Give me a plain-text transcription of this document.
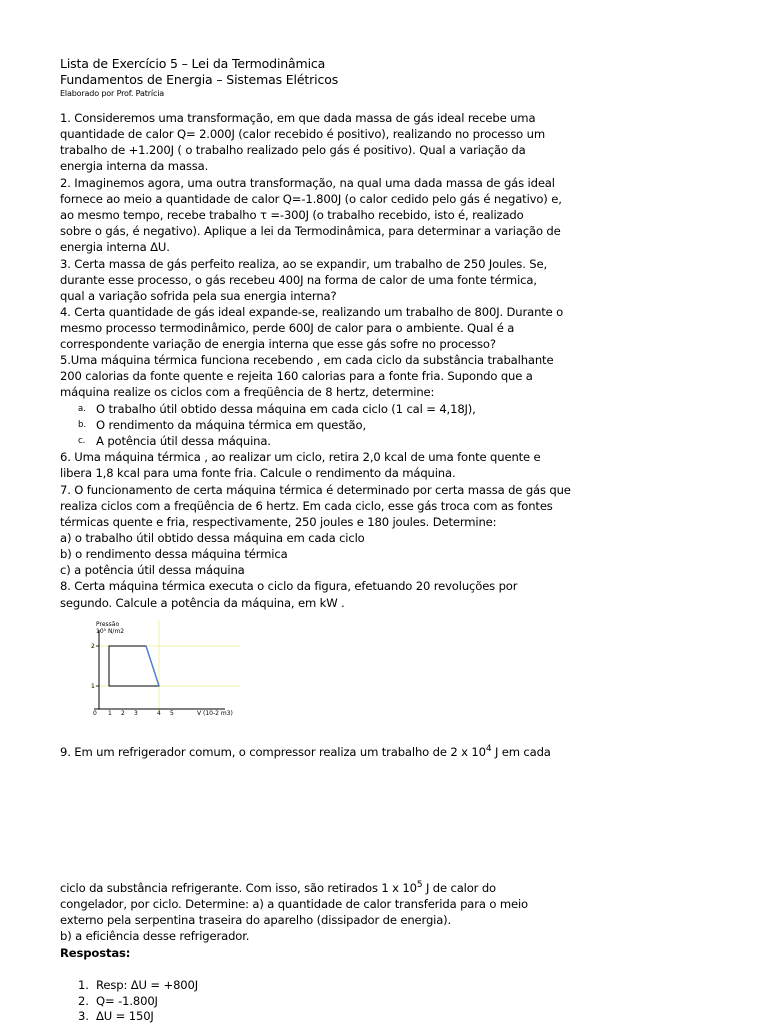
Lista de Exercício 5 – Lei da Termodinâmica
Fundamentos de Energia – Sistemas Elétricos
Elaborado por Prof. Patrícia
1. Consideremos uma transformação, em que dada massa de gás ideal recebe uma
quantidade de calor Q= 2.000J (calor recebido é positivo), realizando no processo um
trabalho de +1.200J ( o trabalho realizado pelo gás é positivo). Qual a variação da
energia interna da massa.
2. Imaginemos agora, uma outra transformação, na qual uma dada massa de gás ideal
fornece ao meio a quantidade de calor Q=-1.800J (o calor cedido pelo gás é negativo) e,
ao mesmo tempo, recebe trabalho τ =-300J (o trabalho recebido, isto é, realizado
sobre o gás, é negativo). Aplique a lei da Termodinâmica, para determinar a variação de
energia interna ΔU.
3. Certa massa de gás perfeito realiza, ao se expandir, um trabalho de 250 Joules. Se,
durante esse processo, o gás recebeu 400J na forma de calor de uma fonte térmica,
qual a variação sofrida pela sua energia interna?
4. Certa quantidade de gás ideal expande-se, realizando um trabalho de 800J. Durante o
mesmo processo termodinâmico, perde 600J de calor para o ambiente. Qual é a
correspondente variação de energia interna que esse gás sofre no processo?
5.Uma máquina térmica funciona recebendo , em cada ciclo da substância trabalhante
200 calorias da fonte quente e rejeita 160 calorias para a fonte fria. Supondo que a
máquina realize os ciclos com a freqüência de 8 hertz, determine:
a. O trabalho útil obtido dessa máquina em cada ciclo (1 cal = 4,18J),
b. O rendimento da máquina térmica em questão,
c. A potência útil dessa máquina.
6. Uma máquina térmica , ao realizar um ciclo, retira 2,0 kcal de uma fonte quente e
libera 1,8 kcal para uma fonte fria. Calcule o rendimento da máquina.
7. O funcionamento de certa máquina térmica é determinado por certa massa de gás que
realiza ciclos com a freqüência de 6 hertz. Em cada ciclo, esse gás troca com as fontes
térmicas quente e fria, respectivamente, 250 joules e 180 joules. Determine:
a) o trabalho útil obtido dessa máquina em cada ciclo
b) o rendimento dessa máquina térmica
c) a potência útil dessa máquina
8. Certa máquina térmica executa o ciclo da figura, efetuando 20 revoluções por
segundo. Calcule a potência da máquina, em kW .
Pressão
10⁵ N/m2
2
1
0 1 2 3	4 5	V (10-2 m3)
9. Em um refrigerador comum, o compressor realiza um trabalho de 2 x $10^4$ J em cada
ciclo da substância refrigerante. Com isso, são retirados 1 x $10^5$ J de calor do
congelador, por ciclo. Determine: a) a quantidade de calor transferida para o meio
externo pela serpentina traseira do aparelho (dissipador de energia).
b) a eficiência desse refrigerador.
Respostas:
1. Resp: ΔU = +800J
2. Q= -1.800J
3. ΔU = 150J
